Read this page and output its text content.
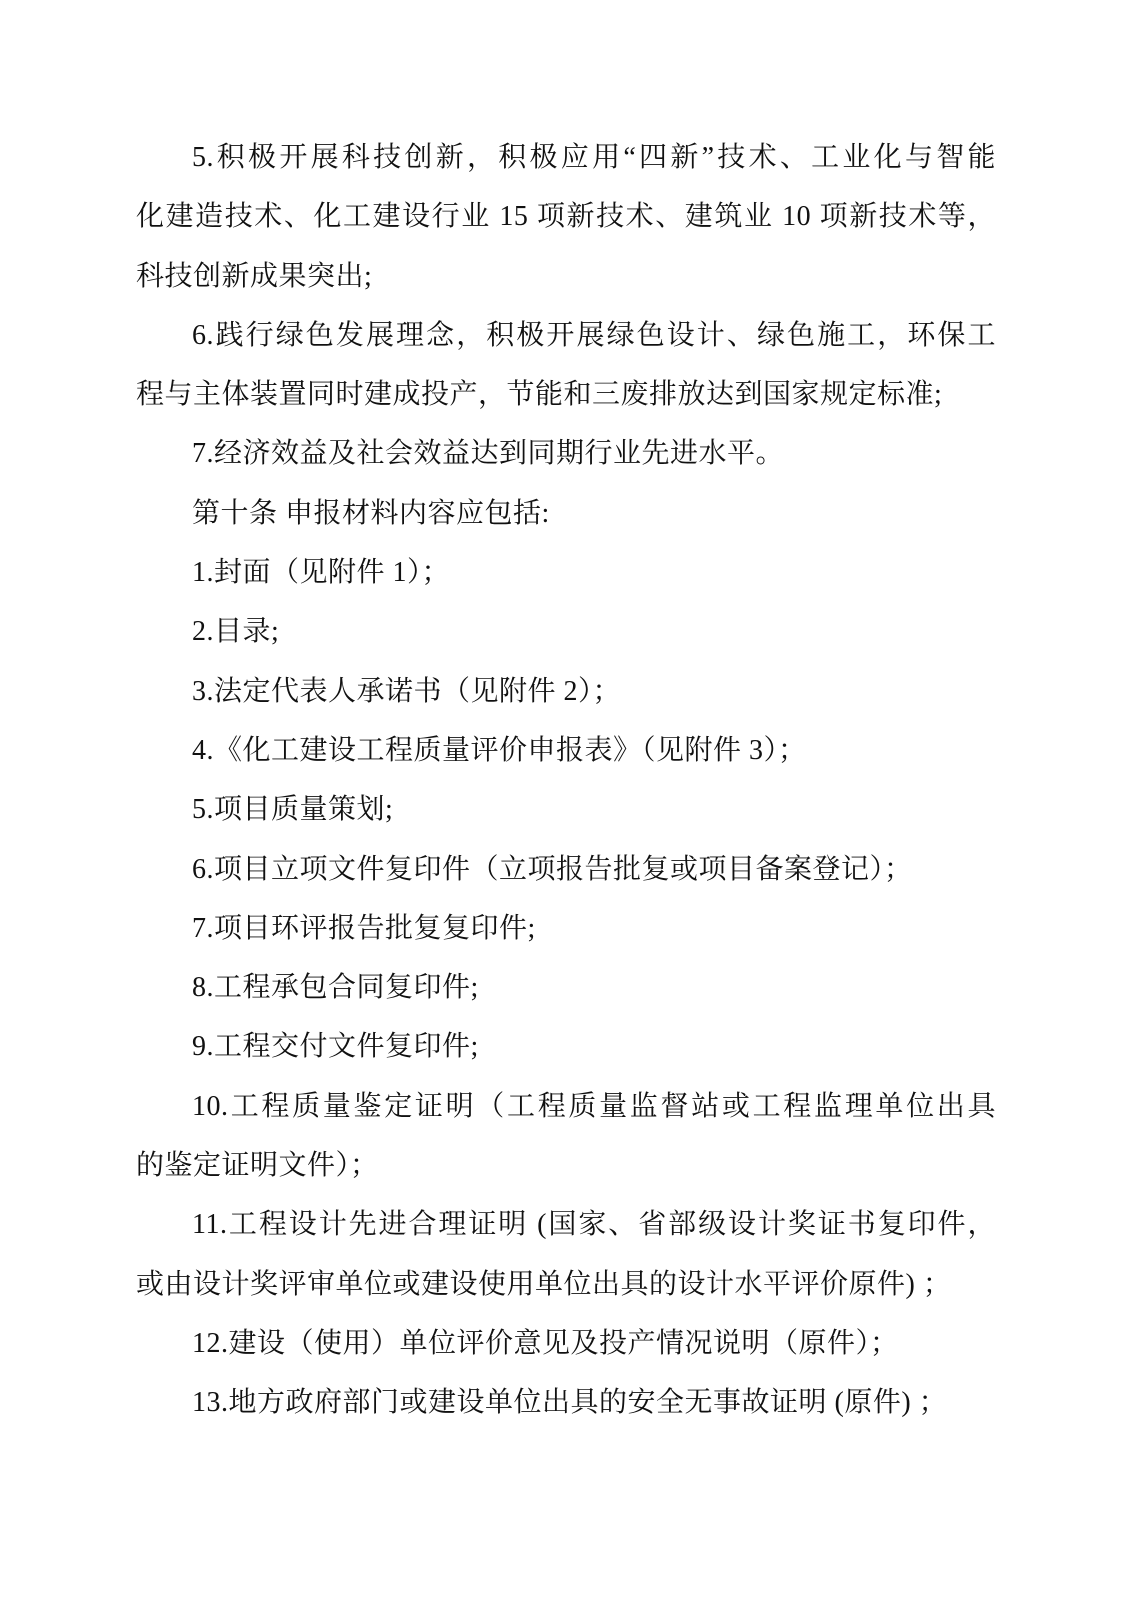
5.积极开展科技创新，积极应用“四新”技术、工业化与智能
化建造技术、化工建设行业 15 项新技术、建筑业 10 项新技术等，
科技创新成果突出;
6.践行绿色发展理念，积极开展绿色设计、绿色施工，环保工
程与主体装置同时建成投产，节能和三废排放达到国家规定标准;
7.经济效益及社会效益达到同期行业先进水平。
第十条 申报材料内容应包括:
1.封面（见附件 1）；
2.目录;
3.法定代表人承诺书（见附件 2）；
4.《化工建设工程质量评价申报表》（见附件 3）；
5.项目质量策划;
6.项目立项文件复印件（立项报告批复或项目备案登记）；
7.项目环评报告批复复印件;
8.工程承包合同复印件;
9.工程交付文件复印件;
10.工程质量鉴定证明（工程质量监督站或工程监理单位出具
的鉴定证明文件）；
11.工程设计先进合理证明 (国家、省部级设计奖证书复印件，
或由设计奖评审单位或建设使用单位出具的设计水平评价原件) ；
12.建设（使用）单位评价意见及投产情况说明（原件）；
13.地方政府部门或建设单位出具的安全无事故证明 (原件) ；
